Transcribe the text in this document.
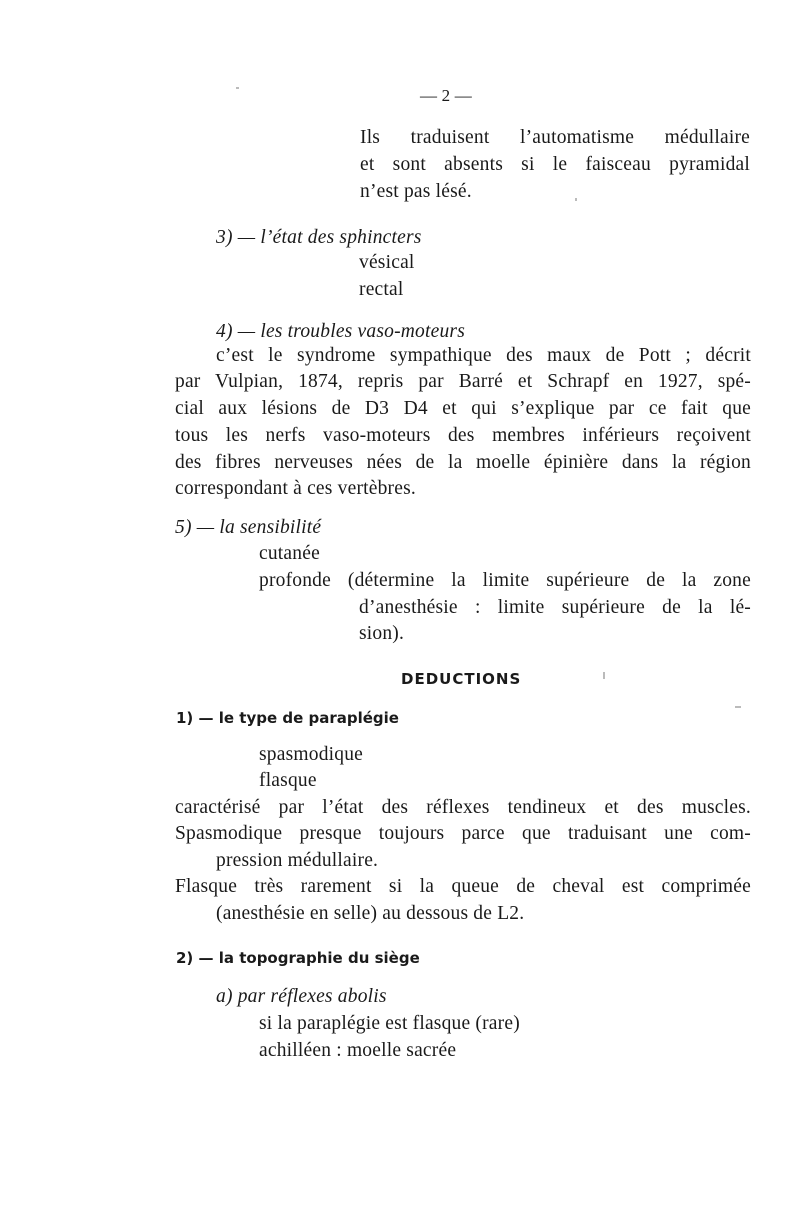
— 2 —
Ils traduisent l’automatisme médullaire
et sont absents si le faisceau pyramidal
n’est pas lésé.
3) — l’état des sphincters
vésical
rectal
4) — les troubles vaso-moteurs
c’est le syndrome sympathique des maux de Pott ; décrit
par Vulpian, 1874, repris par Barré et Schrapf en 1927, spé-
cial aux lésions de D3 D4 et qui s’explique par ce fait que
tous les nerfs vaso-moteurs des membres inférieurs reçoivent
des fibres nerveuses nées de la moelle épinière dans la région
correspondant à ces vertèbres.
5) — la sensibilité
cutanée
profonde (détermine la limite supérieure de la zone
d’anesthésie : limite supérieure de la lé-
sion).
DEDUCTIONS
1) — le type de paraplégie
spasmodique
flasque
caractérisé par l’état des réflexes tendineux et des muscles.
Spasmodique presque toujours parce que traduisant une com-
pression médullaire.
Flasque très rarement si la queue de cheval est comprimée
(anesthésie en selle) au dessous de L2.
2) — la topographie du siège
a) par réflexes abolis
si la paraplégie est flasque (rare)
achilléen : moelle sacrée
